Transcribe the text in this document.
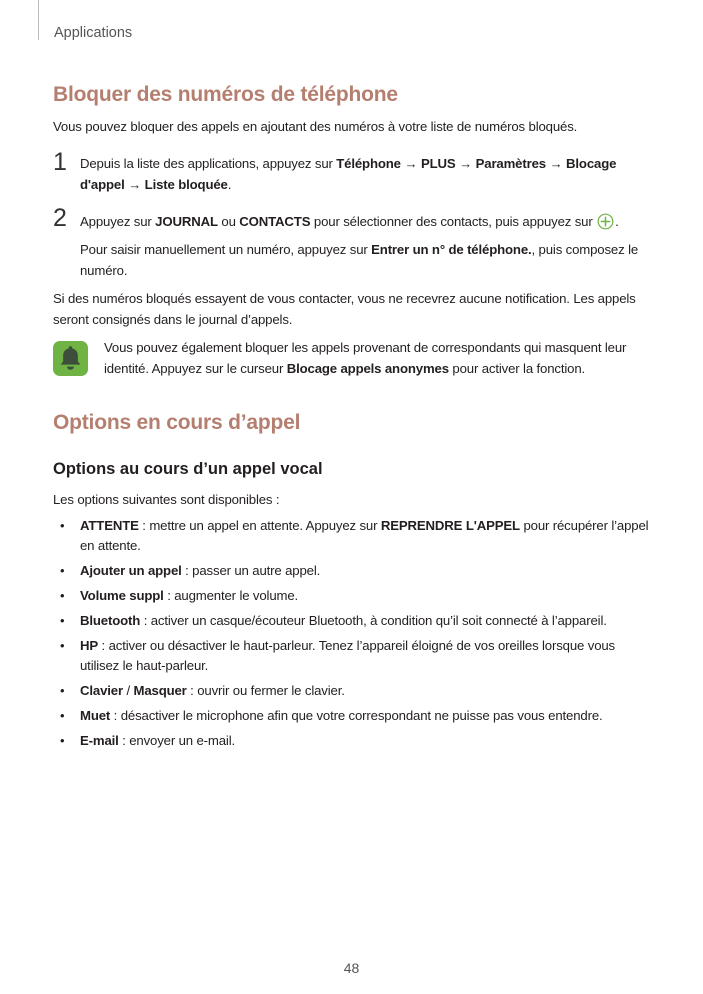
Applications
Bloquer des numéros de téléphone

Vous pouvez bloquer des appels en ajoutant des numéros à votre liste de numéros bloqués.

1 Depuis la liste des applications, appuyez sur Téléphone → PLUS → Paramètres → Blocage d'appel → Liste bloquée.

2 Appuyez sur JOURNAL ou CONTACTS pour sélectionner des contacts, puis appuyez sur .

Pour saisir manuellement un numéro, appuyez sur Entrer un n° de téléphone., puis composez le numéro.

Si des numéros bloqués essayent de vous contacter, vous ne recevrez aucune notification. Les appels seront consignés dans le journal d’appels.

Vous pouvez également bloquer les appels provenant de correspondants qui masquent leur identité. Appuyez sur le curseur Blocage appels anonymes pour activer la fonction.

Options en cours d’appel
Options au cours d’un appel vocal

Les options suivantes sont disponibles :

• ATTENTE : mettre un appel en attente. Appuyez sur REPRENDRE L'APPEL pour récupérer l’appel en attente.
• Ajouter un appel : passer un autre appel.
• Volume suppl : augmenter le volume.
• Bluetooth : activer un casque/écouteur Bluetooth, à condition qu’il soit connecté à l’appareil.
• HP : activer ou désactiver le haut-parleur. Tenez l’appareil éloigné de vos oreilles lorsque vous utilisez le haut-parleur.
• Clavier / Masquer : ouvrir ou fermer le clavier.
• Muet : désactiver le microphone afin que votre correspondant ne puisse pas vous entendre.
• E-mail : envoyer un e-mail.
48
